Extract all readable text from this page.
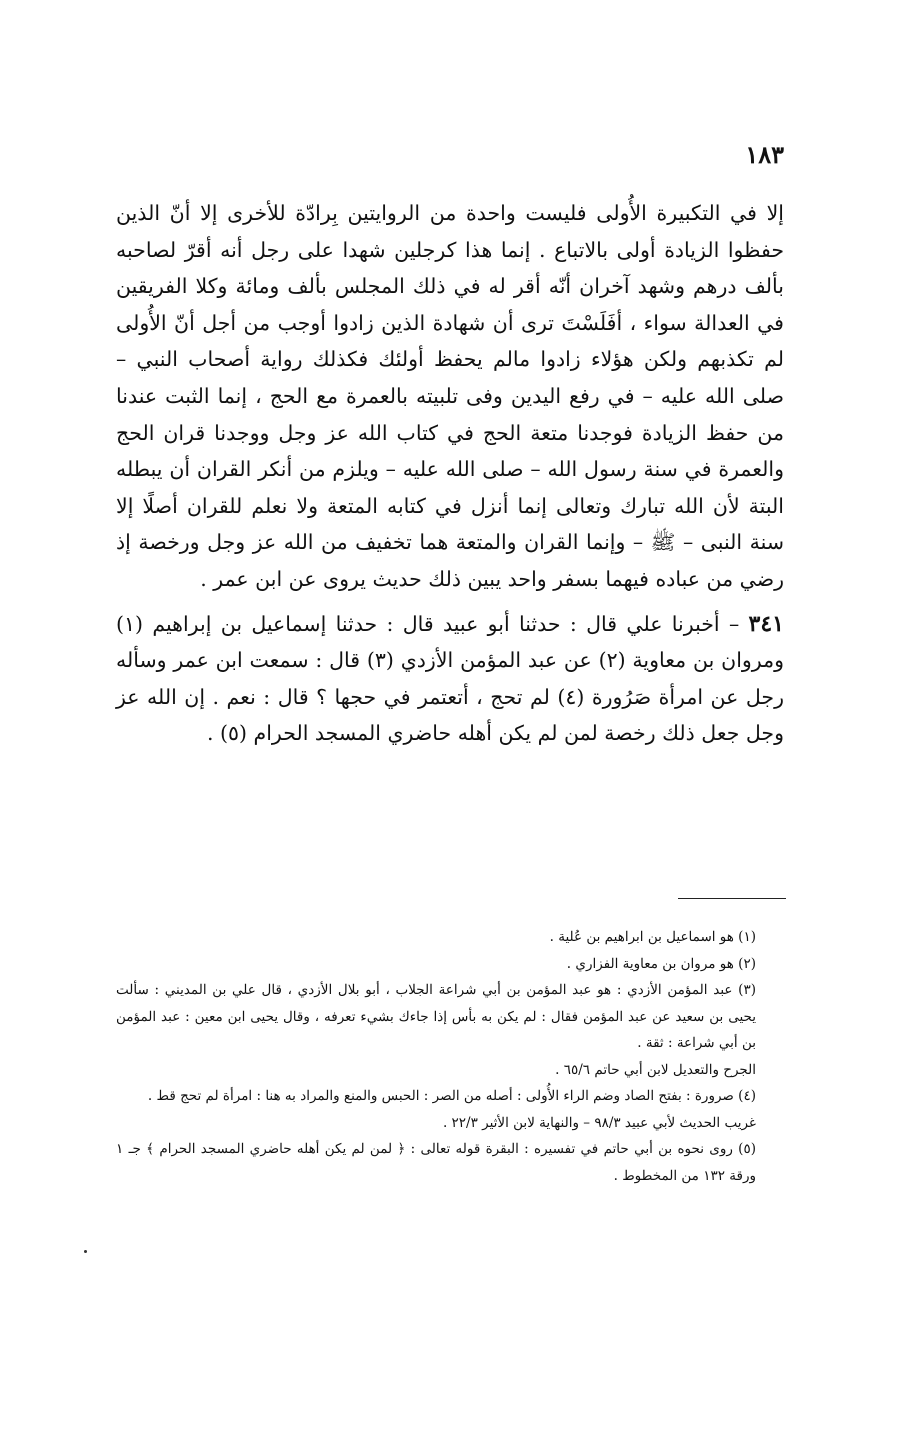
١٨٣

إلا في التكبيرة الأُولى فليست واحدة من الروايتين بِرادّة للأخرى إلا أنّ الذين حفظوا الزيادة أولى بالاتباع . إنما هذا كرجلين شهدا على رجل أنه أقرّ لصاحبه بألف درهم وشهد آخران أنّه أقر له في ذلك المجلس بألف ومائة وكلا الفريقين في العدالة سواء ، أفَلَسْتَ ترى أن شهادة الذين زادوا أوجب من أجل أنّ الأُولى لم تكذبهم ولكن هؤلاء زادوا مالم يحفظ أولئك فكذلك رواية أصحاب النبي – صلى الله عليه – في رفع اليدين وفى تلبيته بالعمرة مع الحج ، إنما الثبت عندنا من حفظ الزيادة فوجدنا متعة الحج في كتاب الله عز وجل ووجدنا قران الحج والعمرة في سنة رسول الله – صلى الله عليه – ويلزم من أنكر القران أن يبطله البتة لأن الله تبارك وتعالى إنما أنزل في كتابه المتعة ولا نعلم للقران أصلًا إلا سنة النبى – ﷺ – وإنما القران والمتعة هما تخفيف من الله عز وجل ورخصة إذ رضي من عباده فيهما بسفر واحد يبين ذلك حديث يروى عن ابن عمر .

٣٤١ – أخبرنا علي قال : حدثنا أبو عبيد قال : حدثنا إسماعيل بن إبراهيم (١) ومروان بن معاوية (٢) عن عبد المؤمن الأزدي (٣) قال : سمعت ابن عمر وسأله رجل عن امرأة صَرُورة (٤) لم تحج ، أتعتمر في حجها ؟ قال : نعم . إن الله عز وجل جعل ذلك رخصة لمن لم يكن أهله حاضري المسجد الحرام (٥) .

(١) هو اسماعيل بن ابراهيم بن عُلية .

(٢) هو مروان بن معاوية الفزاري .

(٣) عبد المؤمن الأزدي : هو عبد المؤمن بن أبي شراعة الجلاب ، أبو بلال الأزدي ، قال علي بن المديني : سألت يحيى بن سعيد عن عبد المؤمن فقال : لم يكن به بأس إذا جاءك بشيء تعرفه ، وقال يحيى ابن معين : عبد المؤمن بن أبي شراعة : ثقة .

الجرح والتعديل لابن أبي حاتم ٦٥/٦ .

(٤) صرورة : بفتح الصاد وضم الراء الأُولى : أصله من الصر : الحبس والمنع والمراد به هنا : امرأة لم تحج قط .

غريب الحديث لأبي عبيد ٩٨/٣ – والنهاية لابن الأثير ٢٢/٣ .

(٥) روى نحوه بن أبي حاتم في تفسيره : البقرة قوله تعالى : ﴿ لمن لم يكن أهله حاضري المسجد الحرام ﴾ جـ ١ ورقة ١٣٢ من المخطوط .
